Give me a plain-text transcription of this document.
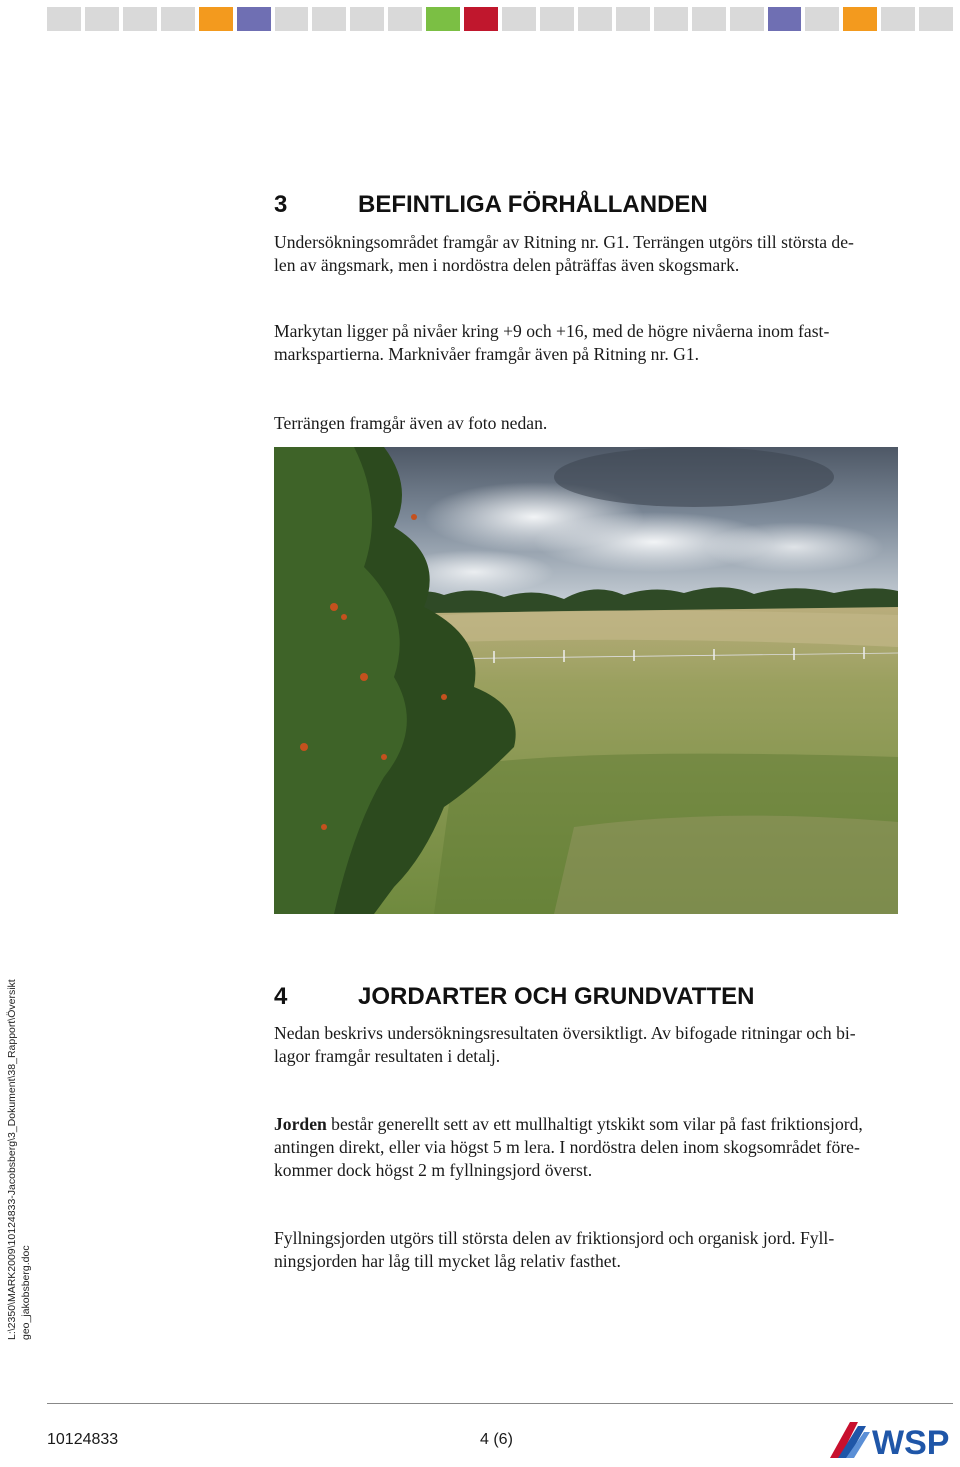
L:\2350\MARK2009\10124833-Jacobsberg\3_Dokument\38_Rapport\Översikt geo_jakobsberg.doc
3	BEFINTLIGA FÖRHÅLLANDEN

Undersökningsområdet framgår av Ritning nr. G1. Terrängen utgörs till största de-
len av ängsmark, men i nordöstra delen påträffas även skogsmark.

Markytan ligger på nivåer kring +9 och +16, med de högre nivåerna inom fast-
markspartierna. Marknivåer framgår även på Ritning nr. G1.

Terrängen framgår även av foto nedan.

4	JORDARTER OCH GRUNDVATTEN

Nedan beskrivs undersökningsresultaten översiktligt. Av bifogade ritningar och bi-
lagor framgår resultaten i detalj.

Jorden består generellt sett av ett mullhaltigt ytskikt som vilar på fast friktionsjord,
antingen direkt, eller via högst 5 m lera. I nordöstra delen inom skogsområdet före-
kommer dock högst 2 m fyllningsjord överst.

Fyllningsjorden utgörs till största delen av friktionsjord och organisk jord. Fyll-
ningsjorden har låg till mycket låg relativ fasthet.

10124833	4 (6)	WSP
